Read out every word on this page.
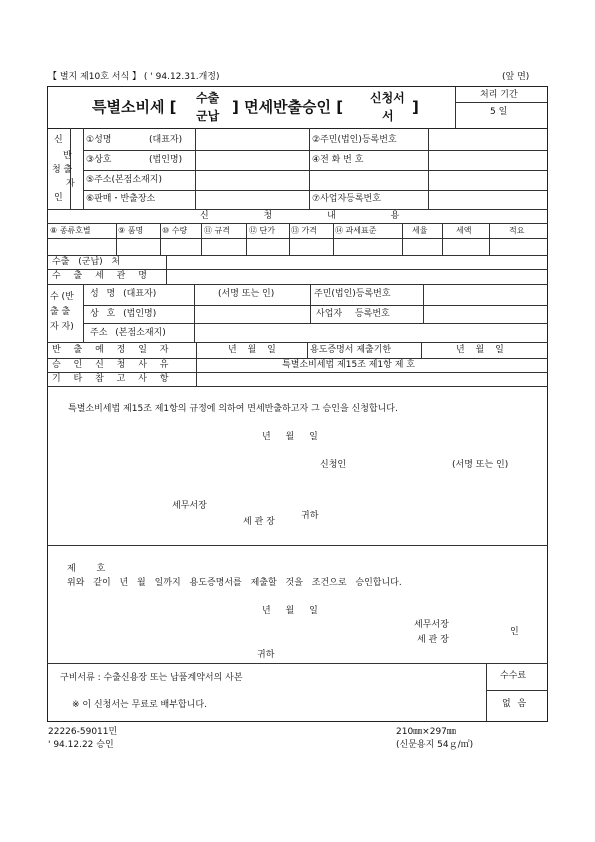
【 별지 제10호 서식 】 ( ' 94.12.31.개정)	(앞 면)
특별소비세 [ 수출
군납 ] 면세반출승인 [ 신청서
서 ]
처리 기간
5 일
신
반
청 출
자
인
①성명	(대표자)	②주민(법인)등록번호
③상호	(법인명)	④전 화 번 호
⑤주소(본점소재지)
⑥판매・반출장소	⑦사업자등록번호
신 청 내 용
⑧ 종류호별	⑨ 품명 ⑩ 수량 ⑪ 규격 ⑫ 단가 ⑬ 가격 ⑭ 과세표준	세율	세액	적요
수출 (군납) 처
수 출 세 관 명
수 (반
출 출
자 자)
성 명 (대표자)	(서명 또는 인)	주민(법인)등록번호
상 호 (법인명)	사업자 등록번호
주소 (본점소재지)
반 출 예 정 일 자	년 월 일	용도증명서 제출기한	년 월 일
승 인 신 청 사 유	특별소비세법 제15조 제1항 제 호
기 타 참 고 사 항
특별소비세법 제15조 제1항의 규정에 의하여 면세반출하고자 그 승인을 신청합니다.
년 월 일
신청인	(서명 또는 인)
세무서장
세 관 장
귀하
제 호
위와 같이 년 월 일까지 용도증명서를 제출할 것을 조건으로 승인합니다.
년 월 일
세무서장
세 관 장
인
귀하
구비서류 : 수출신용장 또는 납품계약서의 사본
※ 이 신청서는 무료로 배부합니다.
수수료
없 음
22226-59011민
' 94.12.22 승인
210㎜×297㎜
(신문용지 54ｇ/㎡)
